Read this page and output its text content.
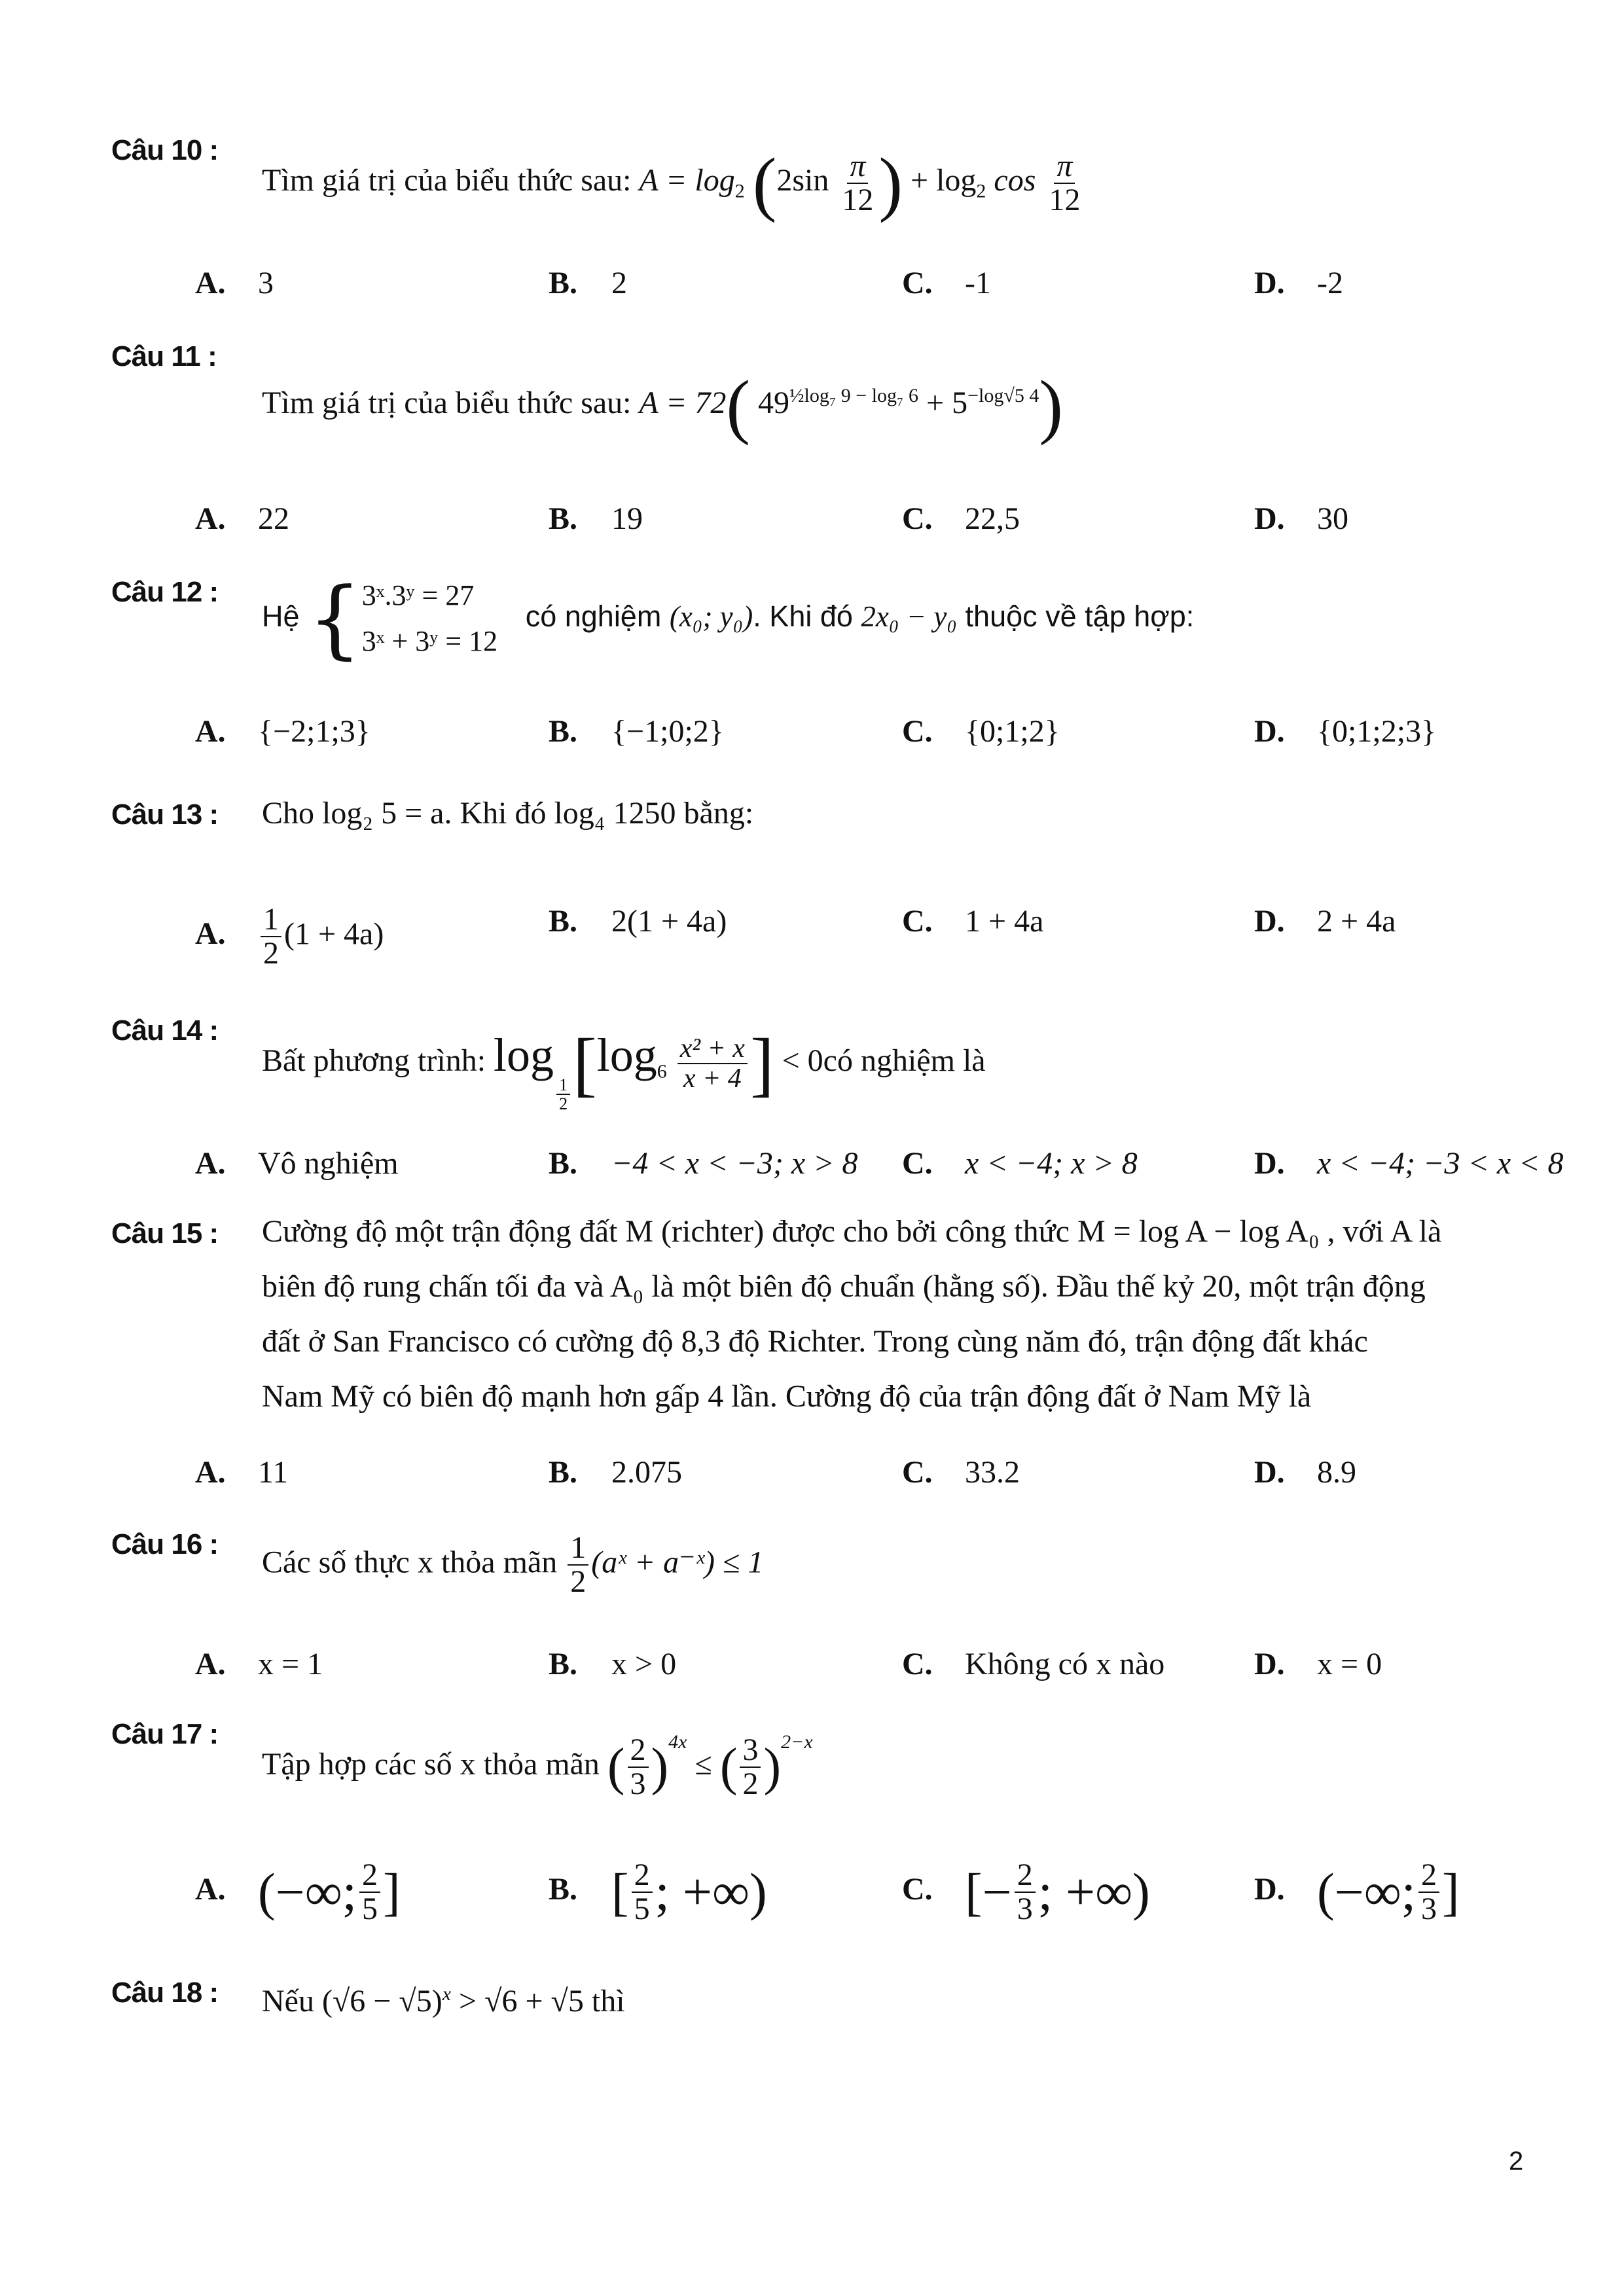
Câu 10 :
Tìm giá trị của biểu thức sau: $A = \log_2 (2\sin \frac{\pi}{12}$ ) + $\log_2 \cos \frac{\pi}{12}$
A. 3	B. 2	C. -1	D. -2
Câu 11 :
Tìm giá trị của biểu thức sau: A = 72( $49^{\frac{1}{2}log_7 9 - log_7 6} + 5^{-log√5 4}$)
A. 22	B. 19	C. 22,5	D. 30
Câu 12 :
Hệ { 3ˣ.3ʸ = 27
3ˣ + 3ʸ = 12
có nghiệm (x₀; y₀). Khi đó 2x₀ − y₀ thuộc về tập hợp:
A. {−2;1;3}	B. {−1;0;2}	C. {0;1;2}	D. {0;1;2;3}
Câu 13 : Cho log₂ 5 = a. Khi đó log₄ 1250 bằng:
A. $\frac{1}{2} (1 + 4a)$	B. 2(1 + 4a)	C. 1 + 4a	D. 2 + 4a
Câu 14 :
Bất phương trình: log
$\frac{1}{2} [\log_6 \frac{\text{x² + x}}{x + 4}$ ] < 0có nghiệm là
A. Vô nghiệm	B. −4 < x < −3; x > 8 C. x < −4; x > 8	D. x < −4; −3 < x < 8
Câu 15 : Cường độ một trận động đất M (richter) được cho bởi công thức M = log A − log A₀ , với A là
biên độ rung chấn tối đa và A₀ là một biên độ chuẩn (hằng số). Đầu thế kỷ 20, một trận động
đất ở San Francisco có cường độ 8,3 độ Richter. Trong cùng năm đó, trận động đất khác
Nam Mỹ có biên độ mạnh hơn gấp 4 lần. Cường độ của trận động đất ở Nam Mỹ là
A. 11	B. 2.075	C. 33.2	D. 8.9
Câu 16 :
Các số thực x thỏa mãn $\frac{1}{2}$ (aˣ + a⁻ˣ) ≤ 1
A. x = 1	B. x > 0	C. Không có x nào	D. x = 0
Câu 17 :
Tập hợp các số x thỏa mãn ( $\frac{2}{3} )^{4x}$ ≤ ( $\frac{3}{2} )^{2-x}$
A. (−∞; $\frac{2}{5}$ ]	B. [ $\frac{2}{5}$ ; +∞)	C. [− $\frac{2}{3}$ ; +∞)	D. (−∞; $\frac{2}{3}$ ]
Câu 18 : Nếu $(√6 - √5)^x > √6 + √5$ thì
2
